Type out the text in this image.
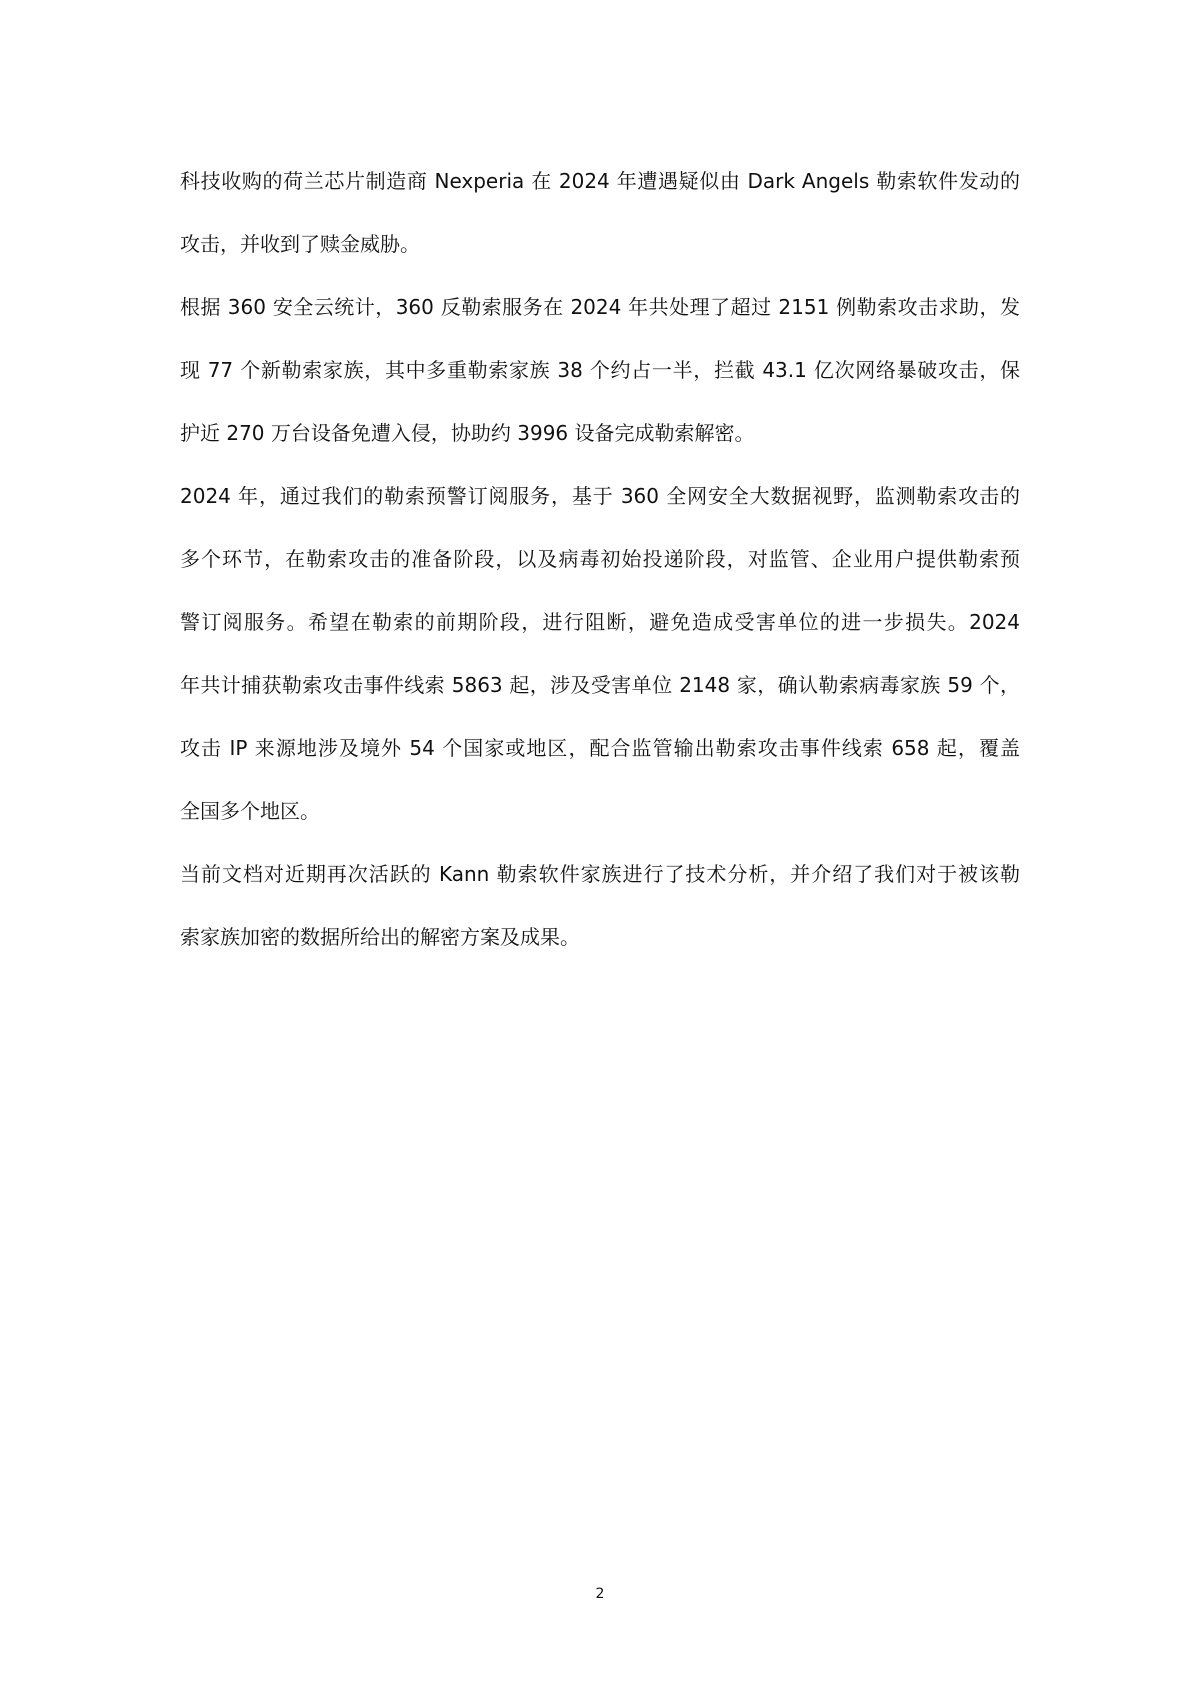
科技收购的荷兰芯片制造商 Nexperia 在 2024 年遭遇疑似由 Dark Angels 勒索软件发动的
攻击，并收到了赎金威胁。
根据 360 安全云统计，360 反勒索服务在 2024 年共处理了超过 2151 例勒索攻击求助，发
现 77 个新勒索家族，其中多重勒索家族 38 个约占一半，拦截 43.1 亿次网络暴破攻击，保
护近 270 万台设备免遭入侵，协助约 3996 设备完成勒索解密。
2024 年，通过我们的勒索预警订阅服务，基于 360 全网安全大数据视野，监测勒索攻击的
多个环节，在勒索攻击的准备阶段，以及病毒初始投递阶段，对监管、企业用户提供勒索预
警订阅服务。希望在勒索的前期阶段，进行阻断，避免造成受害单位的进一步损失。2024
年共计捕获勒索攻击事件线索 5863 起，涉及受害单位 2148 家，确认勒索病毒家族 59 个，
攻击 IP 来源地涉及境外 54 个国家或地区，配合监管输出勒索攻击事件线索 658 起，覆盖
全国多个地区。
当前文档对近期再次活跃的 Kann 勒索软件家族进行了技术分析，并介绍了我们对于被该勒
索家族加密的数据所给出的解密方案及成果。
2
